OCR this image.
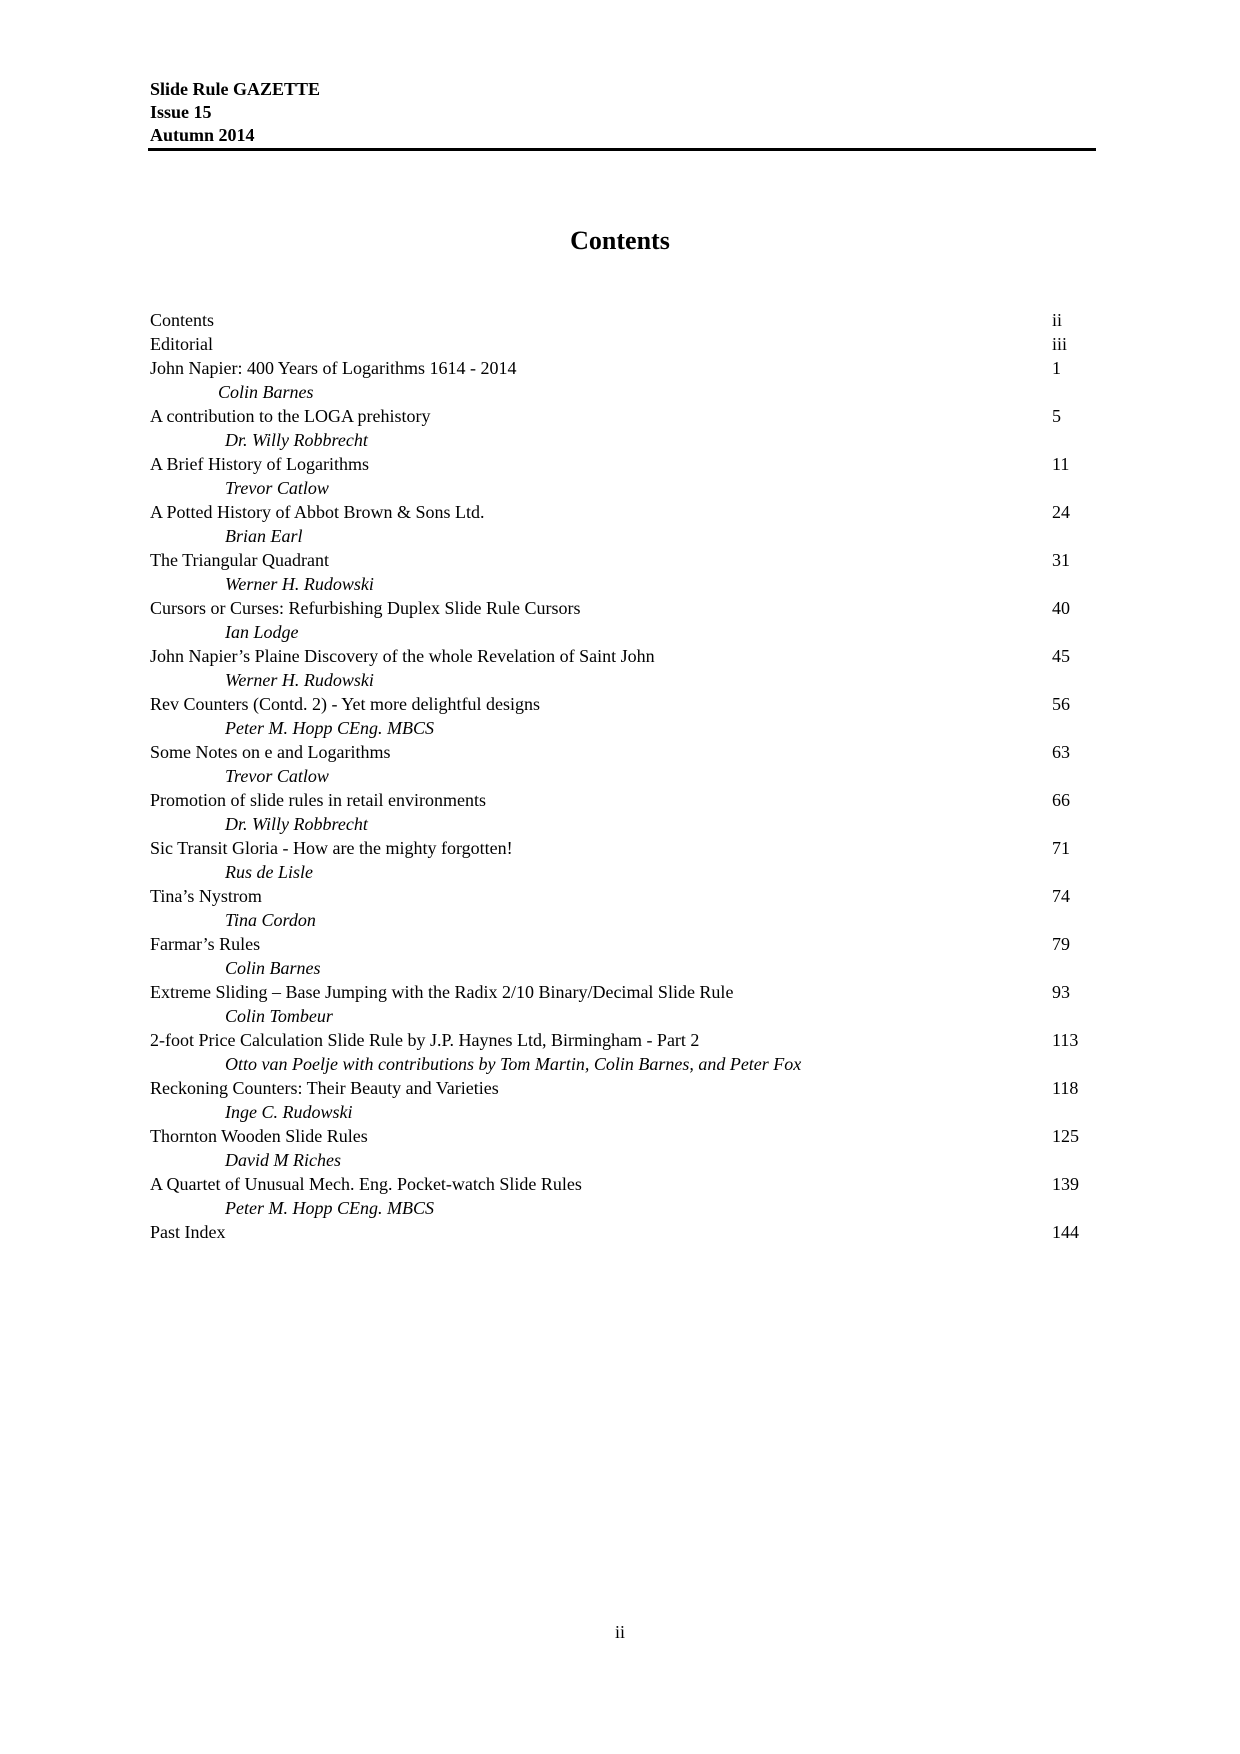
Slide Rule GAZETTE
Issue 15
Autumn 2014
Contents
Contents	ii
Editorial	iii
John Napier: 400 Years of Logarithms 1614 - 2014	1
Colin Barnes
A contribution to the LOGA prehistory	5
Dr. Willy Robbrecht
A Brief History of Logarithms	11
Trevor Catlow
A Potted History of Abbot Brown & Sons Ltd.	24
Brian Earl
The Triangular Quadrant	31
Werner H. Rudowski
Cursors or Curses: Refurbishing Duplex Slide Rule Cursors	40
Ian Lodge
John Napier’s Plaine Discovery of the whole Revelation of Saint John	45
Werner H. Rudowski
Rev Counters (Contd. 2) - Yet more delightful designs	56
Peter M. Hopp CEng. MBCS
Some Notes on e and Logarithms	63
Trevor Catlow
Promotion of slide rules in retail environments	66
Dr. Willy Robbrecht
Sic Transit Gloria - How are the mighty forgotten!	71
Rus de Lisle
Tina’s Nystrom	74
Tina Cordon
Farmar’s Rules	79
Colin Barnes
Extreme Sliding – Base Jumping with the Radix 2/10 Binary/Decimal Slide Rule	93
Colin Tombeur
2-foot Price Calculation Slide Rule by J.P. Haynes Ltd, Birmingham - Part 2	113
Otto van Poelje with contributions by Tom Martin, Colin Barnes, and Peter Fox
Reckoning Counters: Their Beauty and Varieties	118
Inge C. Rudowski
Thornton Wooden Slide Rules	125
David M Riches
A Quartet of Unusual Mech. Eng. Pocket-watch Slide Rules	139
Peter M. Hopp CEng. MBCS
Past Index	144
ii
